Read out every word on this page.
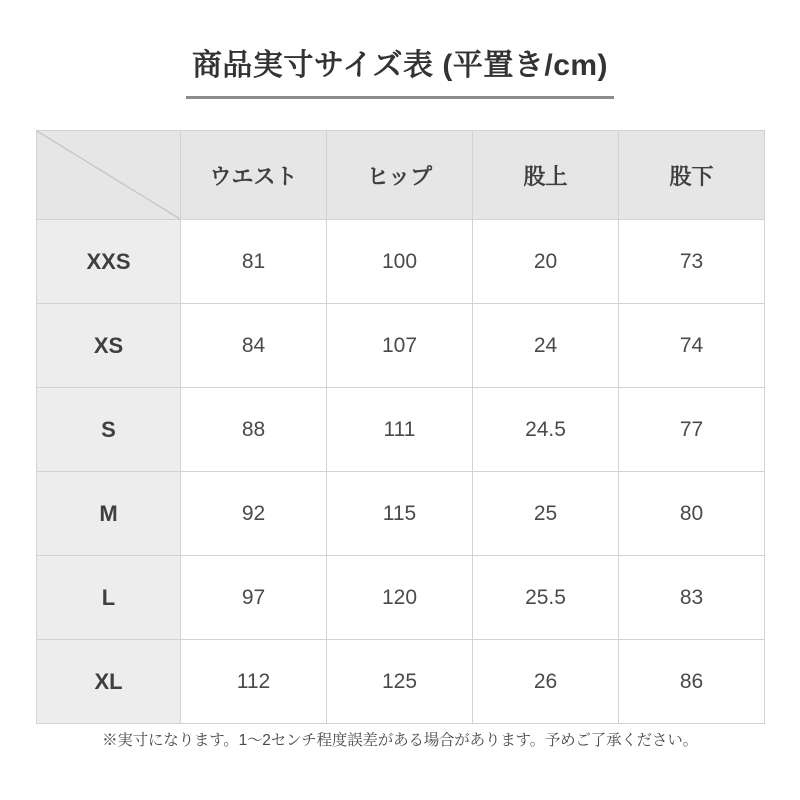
商品実寸サイズ表 (平置き/cm)
	ウエスト	ヒップ	股上	股下
XXS	81	100	20	73
XS	84	107	24	74
S	88	111	24.5	77
M	92	115	25	80
L	97	120	25.5	83
XL	112	125	26	86
※実寸になります。1〜2センチ程度誤差がある場合があります。予めご了承ください。
